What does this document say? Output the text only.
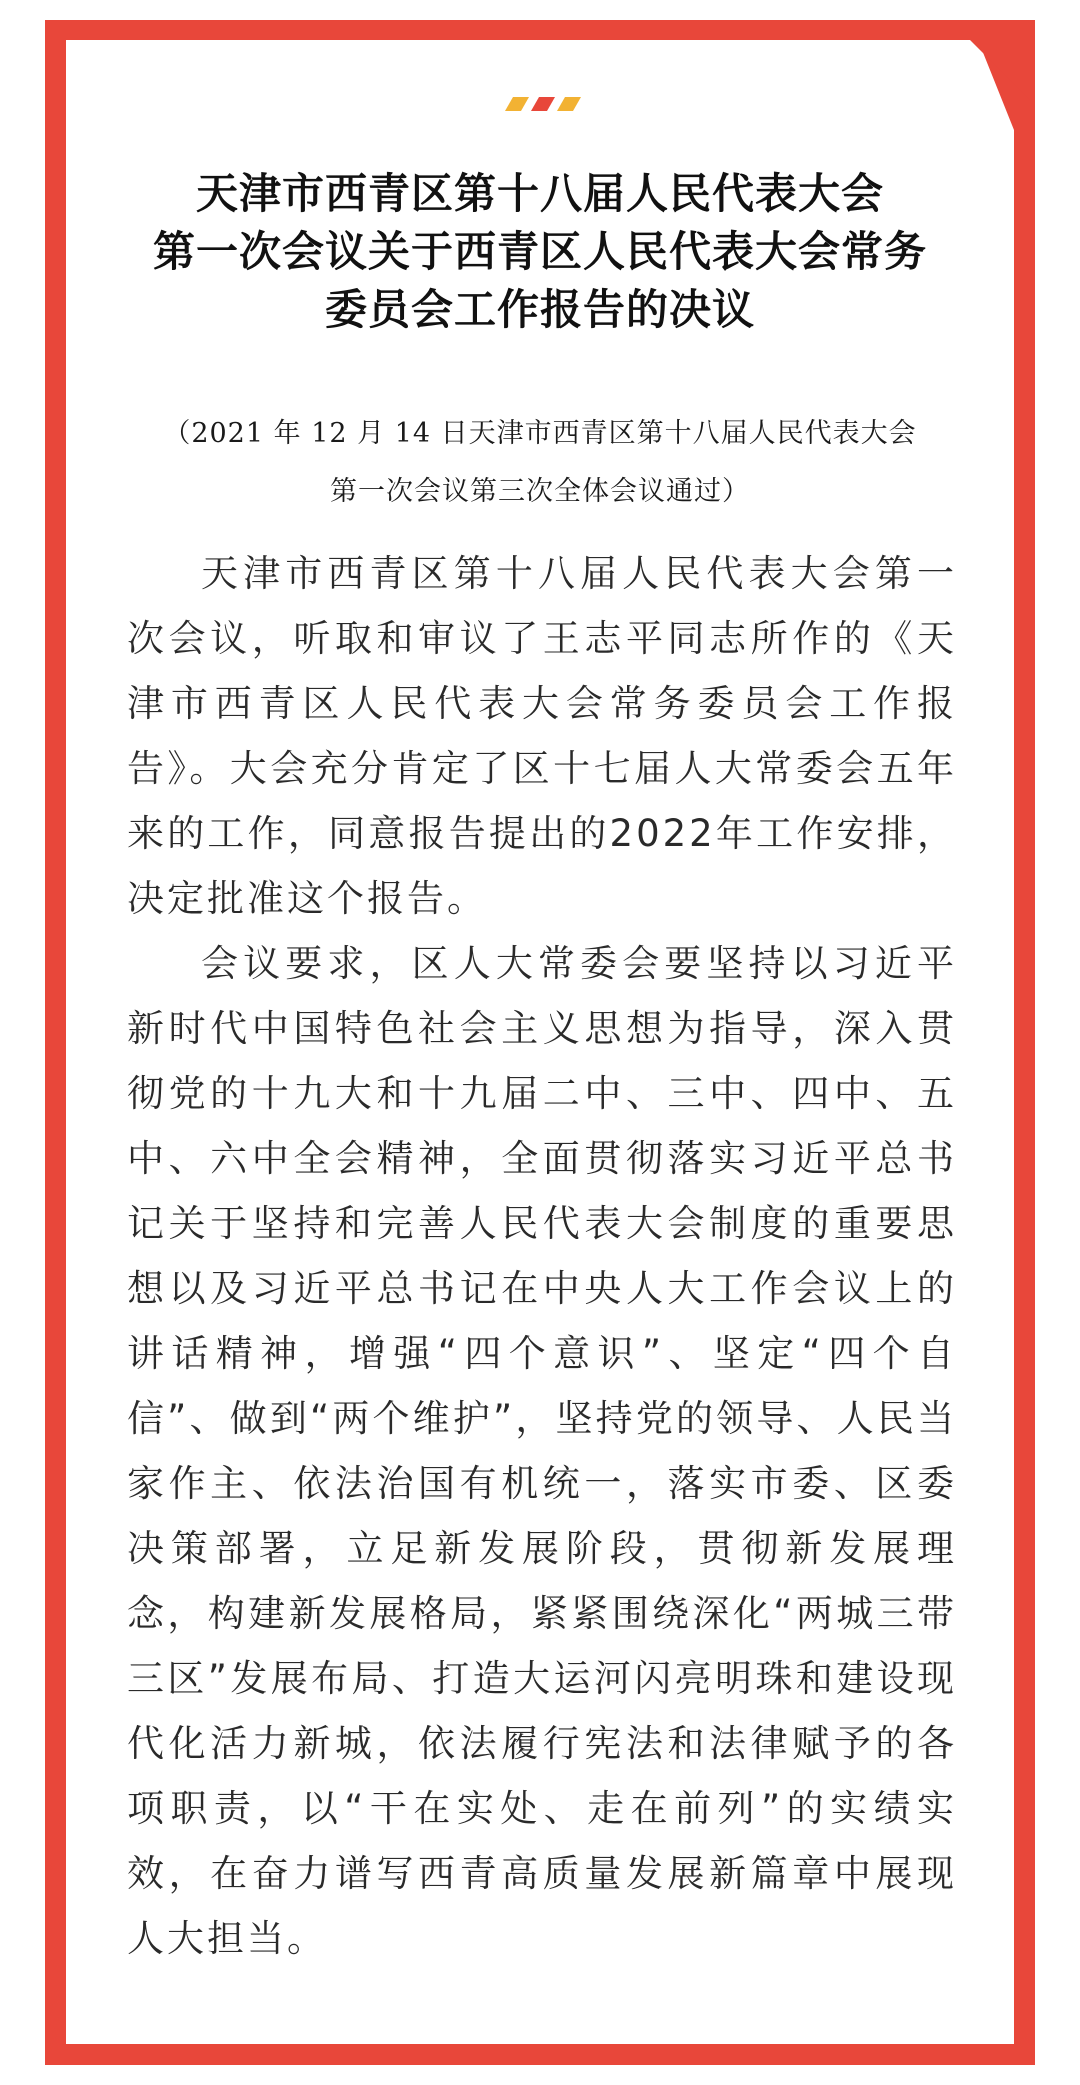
天津市西青区第十八届人民代表大会
第一次会议关于西青区人民代表大会常务
委员会工作报告的决议
（2021 年 12 月 14 日天津市西青区第十八届人民代表大会
第一次会议第三次全体会议通过）

天津市西青区第十八届人民代表大会第一次会议，听取和审议了王志平同志所作的《天津市西青区人民代表大会常务委员会工作报告》。大会充分肯定了区十七届人大常委会五年来的工作，同意报告提出的2022年工作安排，决定批准这个报告。

会议要求，区人大常委会要坚持以习近平新时代中国特色社会主义思想为指导，深入贯彻党的十九大和十九届二中、三中、四中、五中、六中全会精神，全面贯彻落实习近平总书记关于坚持和完善人民代表大会制度的重要思想以及习近平总书记在中央人大工作会议上的讲话精神，增强“四个意识”、坚定“四个自信”、做到“两个维护”，坚持党的领导、人民当家作主、依法治国有机统一，落实市委、区委决策部署，立足新发展阶段，贯彻新发展理念，构建新发展格局，紧紧围绕深化“两城三带三区”发展布局、打造大运河闪亮明珠和建设现代化活力新城，依法履行宪法和法律赋予的各项职责，以“干在实处、走在前列”的实绩实效，在奋力谱写西青高质量发展新篇章中展现人大担当。
